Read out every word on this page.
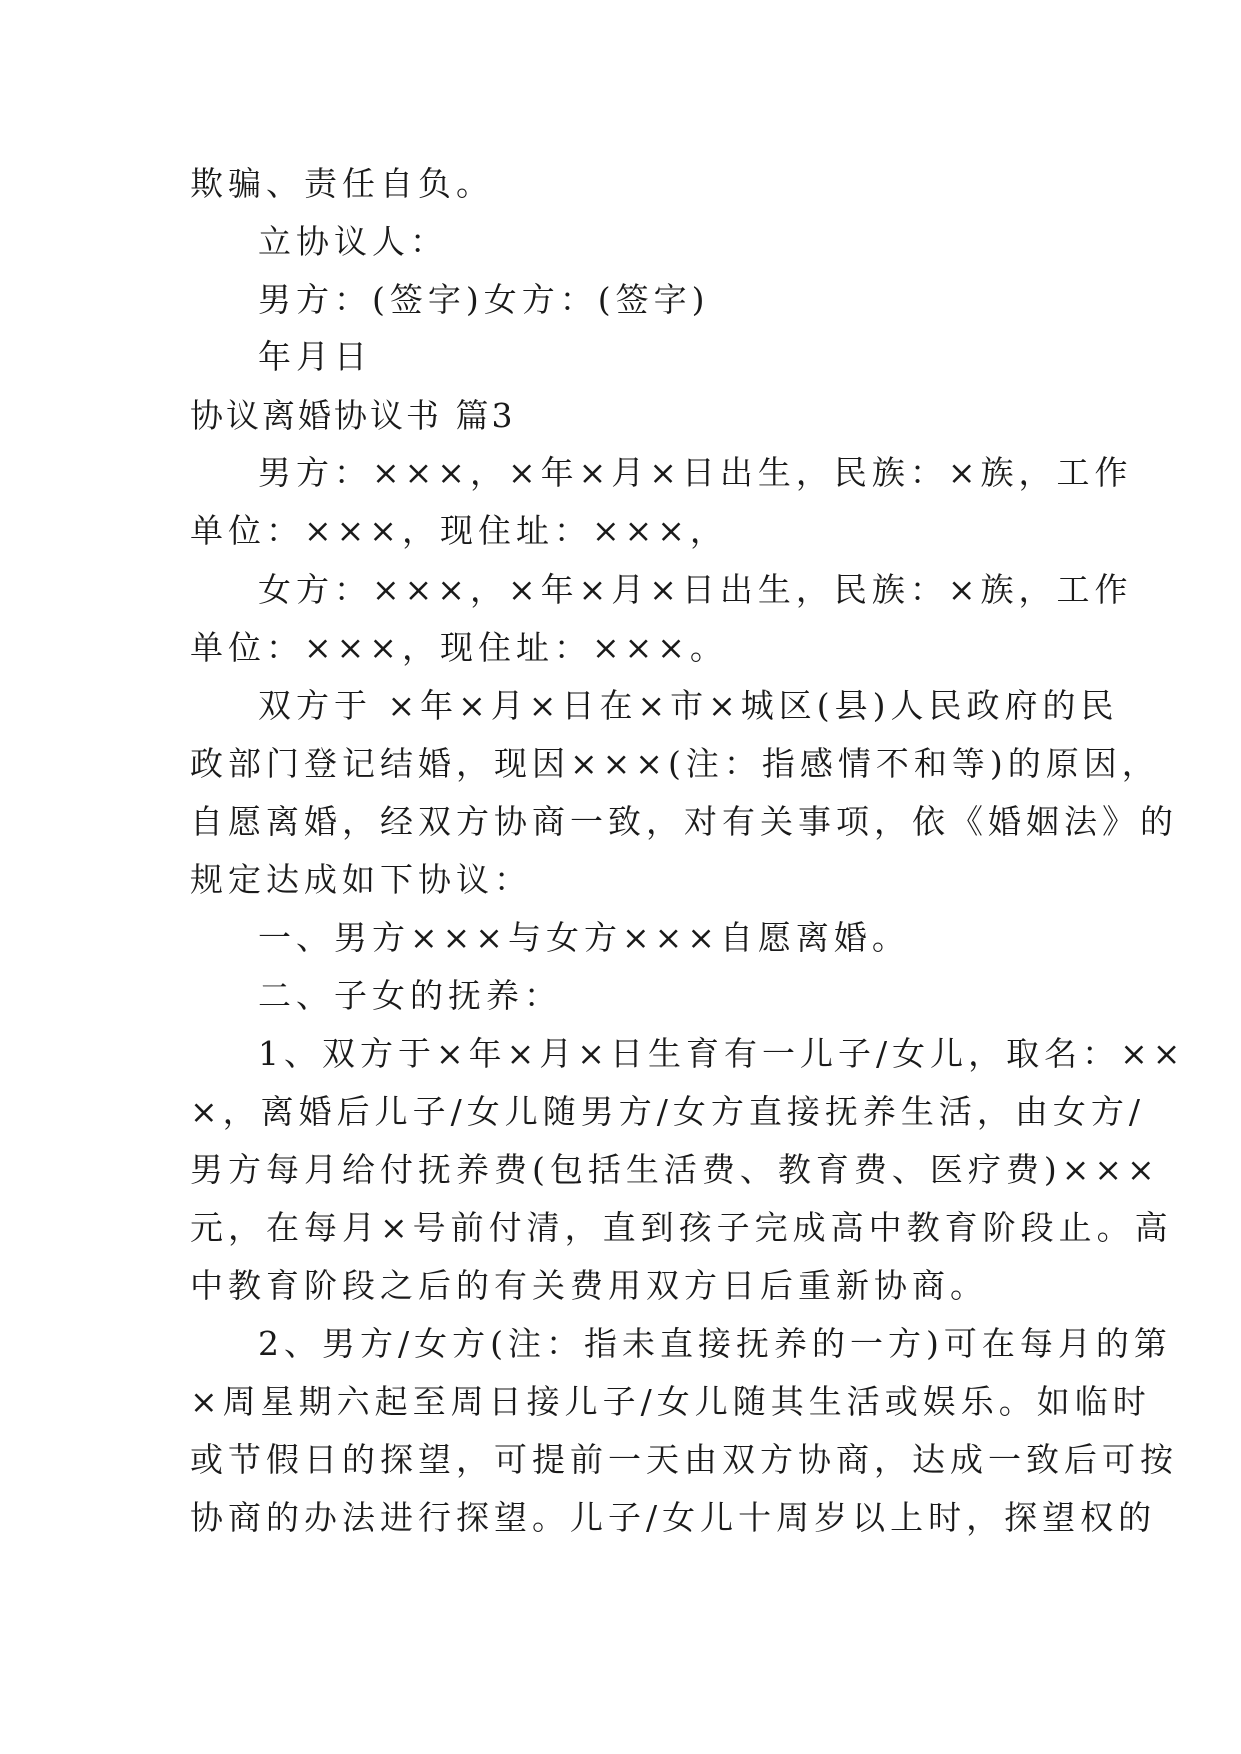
欺骗、责任自负。
立协议人：
男方：(签字)女方：(签字)
年月日
协议离婚协议书 篇3
男方：×××，×年×月×日出生，民族：×族，工作
单位：×××，现住址：×××，
女方：×××，×年×月×日出生，民族：×族，工作
单位：×××，现住址：×××。
双方于 ×年×月×日在×市×城区(县)人民政府的民
政部门登记结婚，现因×××(注：指感情不和等)的原因，
自愿离婚，经双方协商一致，对有关事项，依《婚姻法》的
规定达成如下协议：
一、男方×××与女方×××自愿离婚。
二、子女的抚养：
1、双方于×年×月×日生育有一儿子/女儿，取名：××
×，离婚后儿子/女儿随男方/女方直接抚养生活，由女方/
男方每月给付抚养费(包括生活费、教育费、医疗费)×××
元，在每月×号前付清，直到孩子完成高中教育阶段止。高
中教育阶段之后的有关费用双方日后重新协商。
2、男方/女方(注：指未直接抚养的一方)可在每月的第
×周星期六起至周日接儿子/女儿随其生活或娱乐。如临时
或节假日的探望，可提前一天由双方协商，达成一致后可按
协商的办法进行探望。儿子/女儿十周岁以上时，探望权的
